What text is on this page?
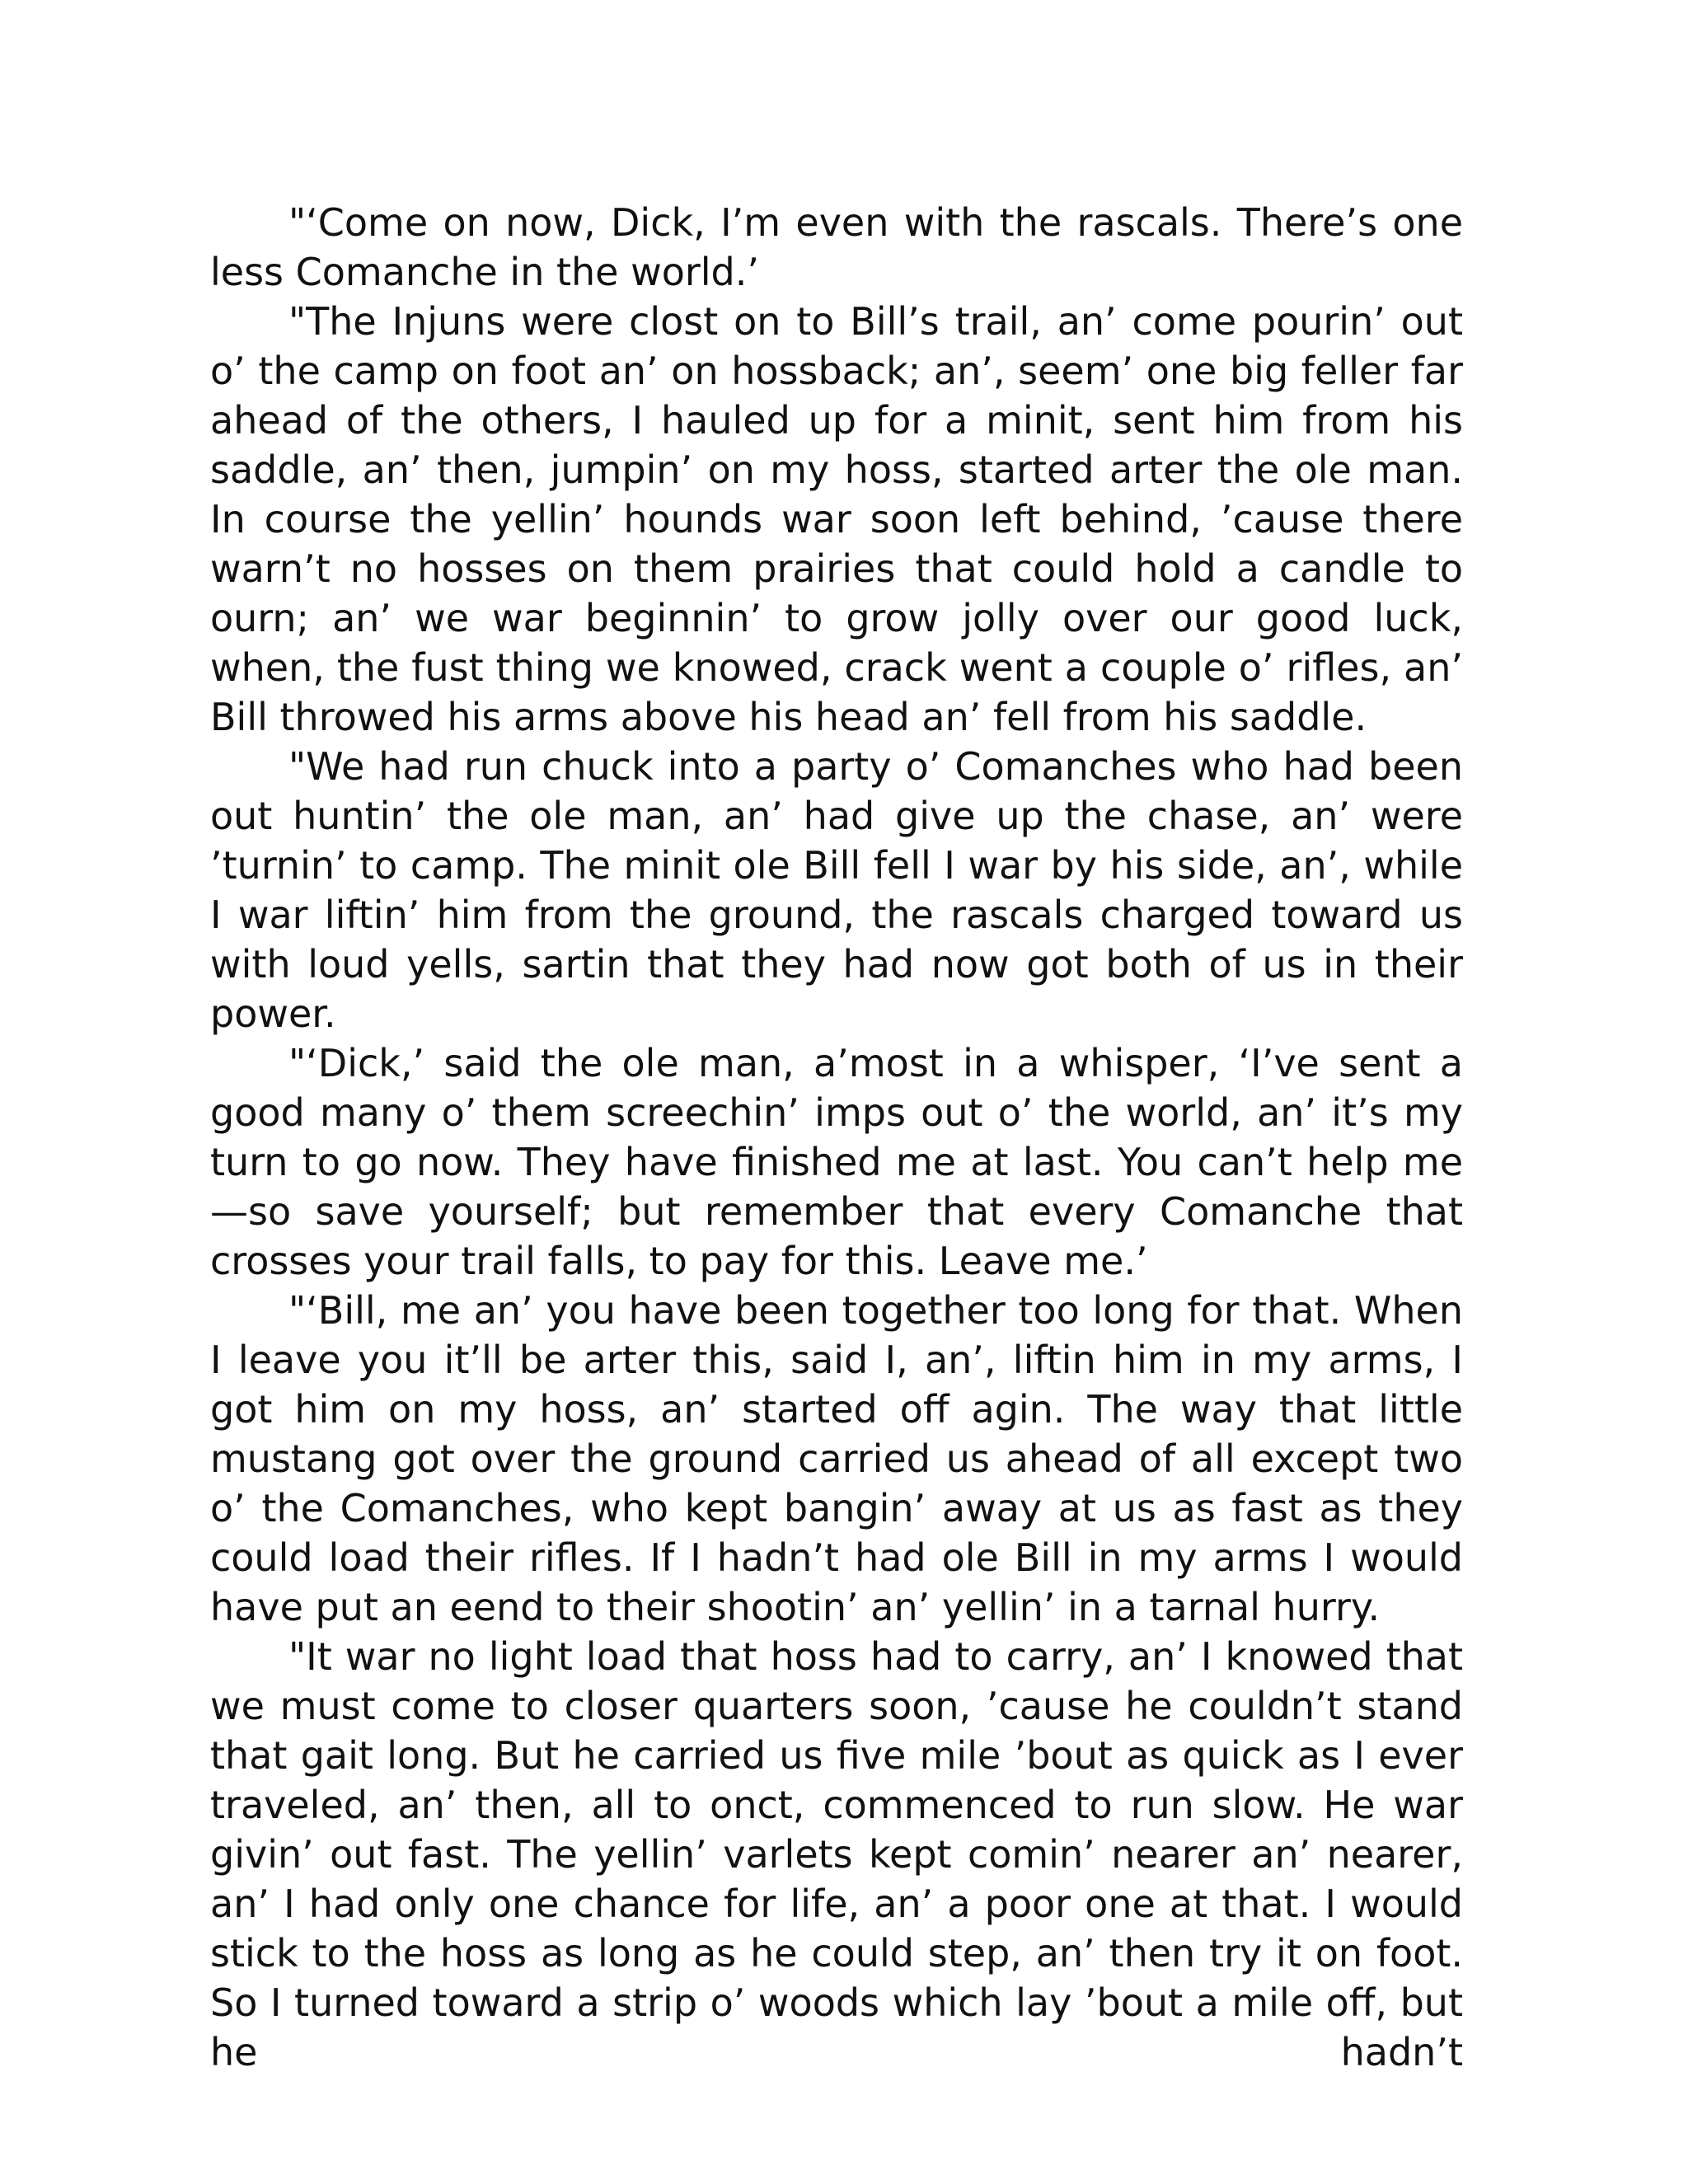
"‘Come on now, Dick, I’m even with the rascals. There’s one less Comanche in the world.’

"The Injuns were clost on to Bill’s trail, an’ come pourin’ out o’ the camp on foot an’ on hossback; an’, seem’ one big feller far ahead of the others, I hauled up for a minit, sent him from his saddle, an’ then, jumpin’ on my hoss, started arter the ole man. In course the yellin’ hounds war soon left behind, ’cause there warn’t no hosses on them prairies that could hold a candle to ourn; an’ we war beginnin’ to grow jolly over our good luck, when, the fust thing we knowed, crack went a couple o’ rifles, an’ Bill throwed his arms above his head an’ fell from his saddle.

"We had run chuck into a party o’ Comanches who had been out huntin’ the ole man, an’ had give up the chase, an’ were ’turnin’ to camp. The minit ole Bill fell I war by his side, an’, while I war liftin’ him from the ground, the rascals charged toward us with loud yells, sartin that they had now got both of us in their power.

"‘Dick,’ said the ole man, a’most in a whisper, ‘I’ve sent a good many o’ them screechin’ imps out o’ the world, an’ it’s my turn to go now. They have finished me at last. You can’t help me—so save yourself; but remember that every Comanche that crosses your trail falls, to pay for this. Leave me.’

"‘Bill, me an’ you have been together too long for that. When I leave you it’ll be arter this, said I, an’, liftin him in my arms, I got him on my hoss, an’ started off agin. The way that little mustang got over the ground carried us ahead of all except two o’ the Comanches, who kept bangin’ away at us as fast as they could load their rifles. If I hadn’t had ole Bill in my arms I would have put an eend to their shootin’ an’ yellin’ in a tarnal hurry.

"It war no light load that hoss had to carry, an’ I knowed that we must come to closer quarters soon, ’cause he couldn’t stand that gait long. But he carried us five mile ’bout as quick as I ever traveled, an’ then, all to onct, commenced to run slow. He war givin’ out fast. The yellin’ varlets kept comin’ nearer an’ nearer, an’ I had only one chance for life, an’ a poor one at that. I would stick to the hoss as long as he could step, an’ then try it on foot. So I turned toward a strip o’ woods which lay ’bout a mile off, but he hadn’t
